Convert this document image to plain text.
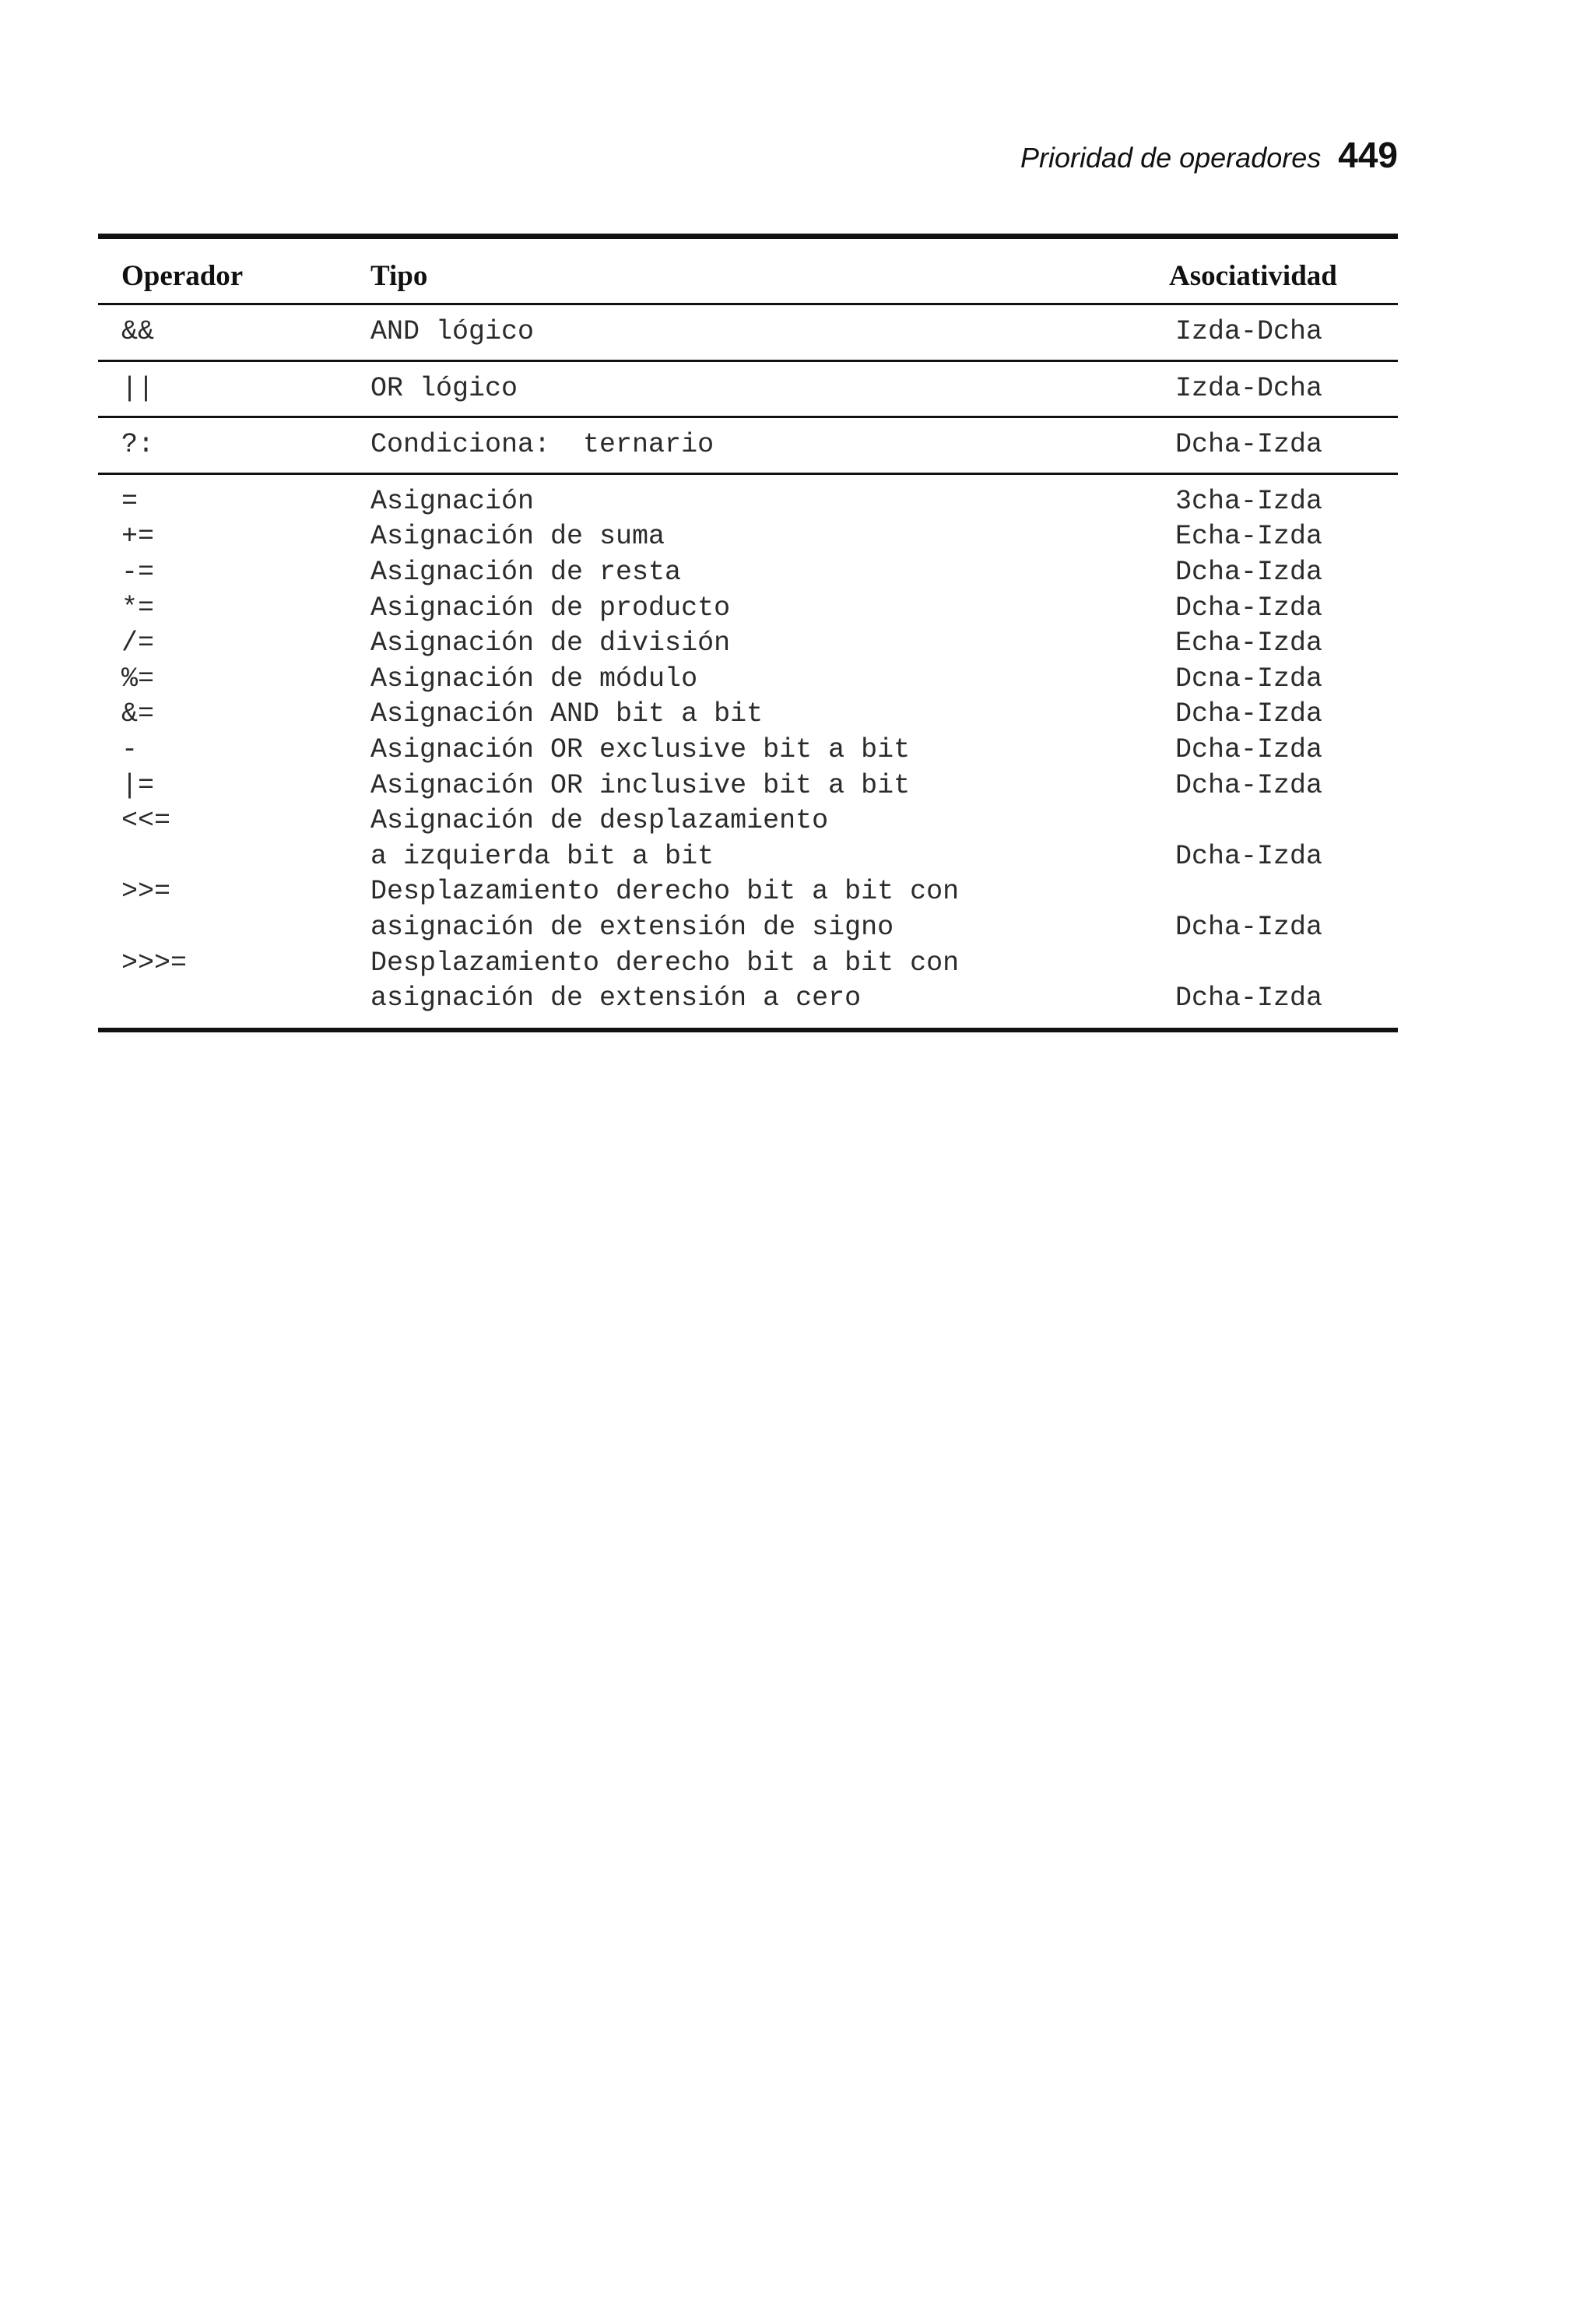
Prioridad de operadores 449
Operador	Tipo	Asociatividad
&&	AND lógico	Izda-Dcha
||	OR lógico	Izda-Dcha
?:	Condiciona:  ternario	Dcha-Izda
=	Asignación	3cha-Izda
+=	Asignación de suma	Echa-Izda
-=	Asignación de resta	Dcha-Izda
*=	Asignación de producto	Dcha-Izda
/=	Asignación de división	Echa-Izda
%=	Asignación de módulo	Dcna-Izda
&=	Asignación AND bit a bit	Dcha-Izda
-	Asignación OR exclusive bit a bit	Dcha-Izda
|=	Asignación OR inclusive bit a bit	Dcha-Izda
<<=	Asignación de desplazamiento
a izquierda bit a bit	Dcha-Izda
>>=	Desplazamiento derecho bit a bit con
asignación de extensión de signo	Dcha-Izda
>>>=	Desplazamiento derecho bit a bit con
asignación de extensión a cero	Dcha-Izda
